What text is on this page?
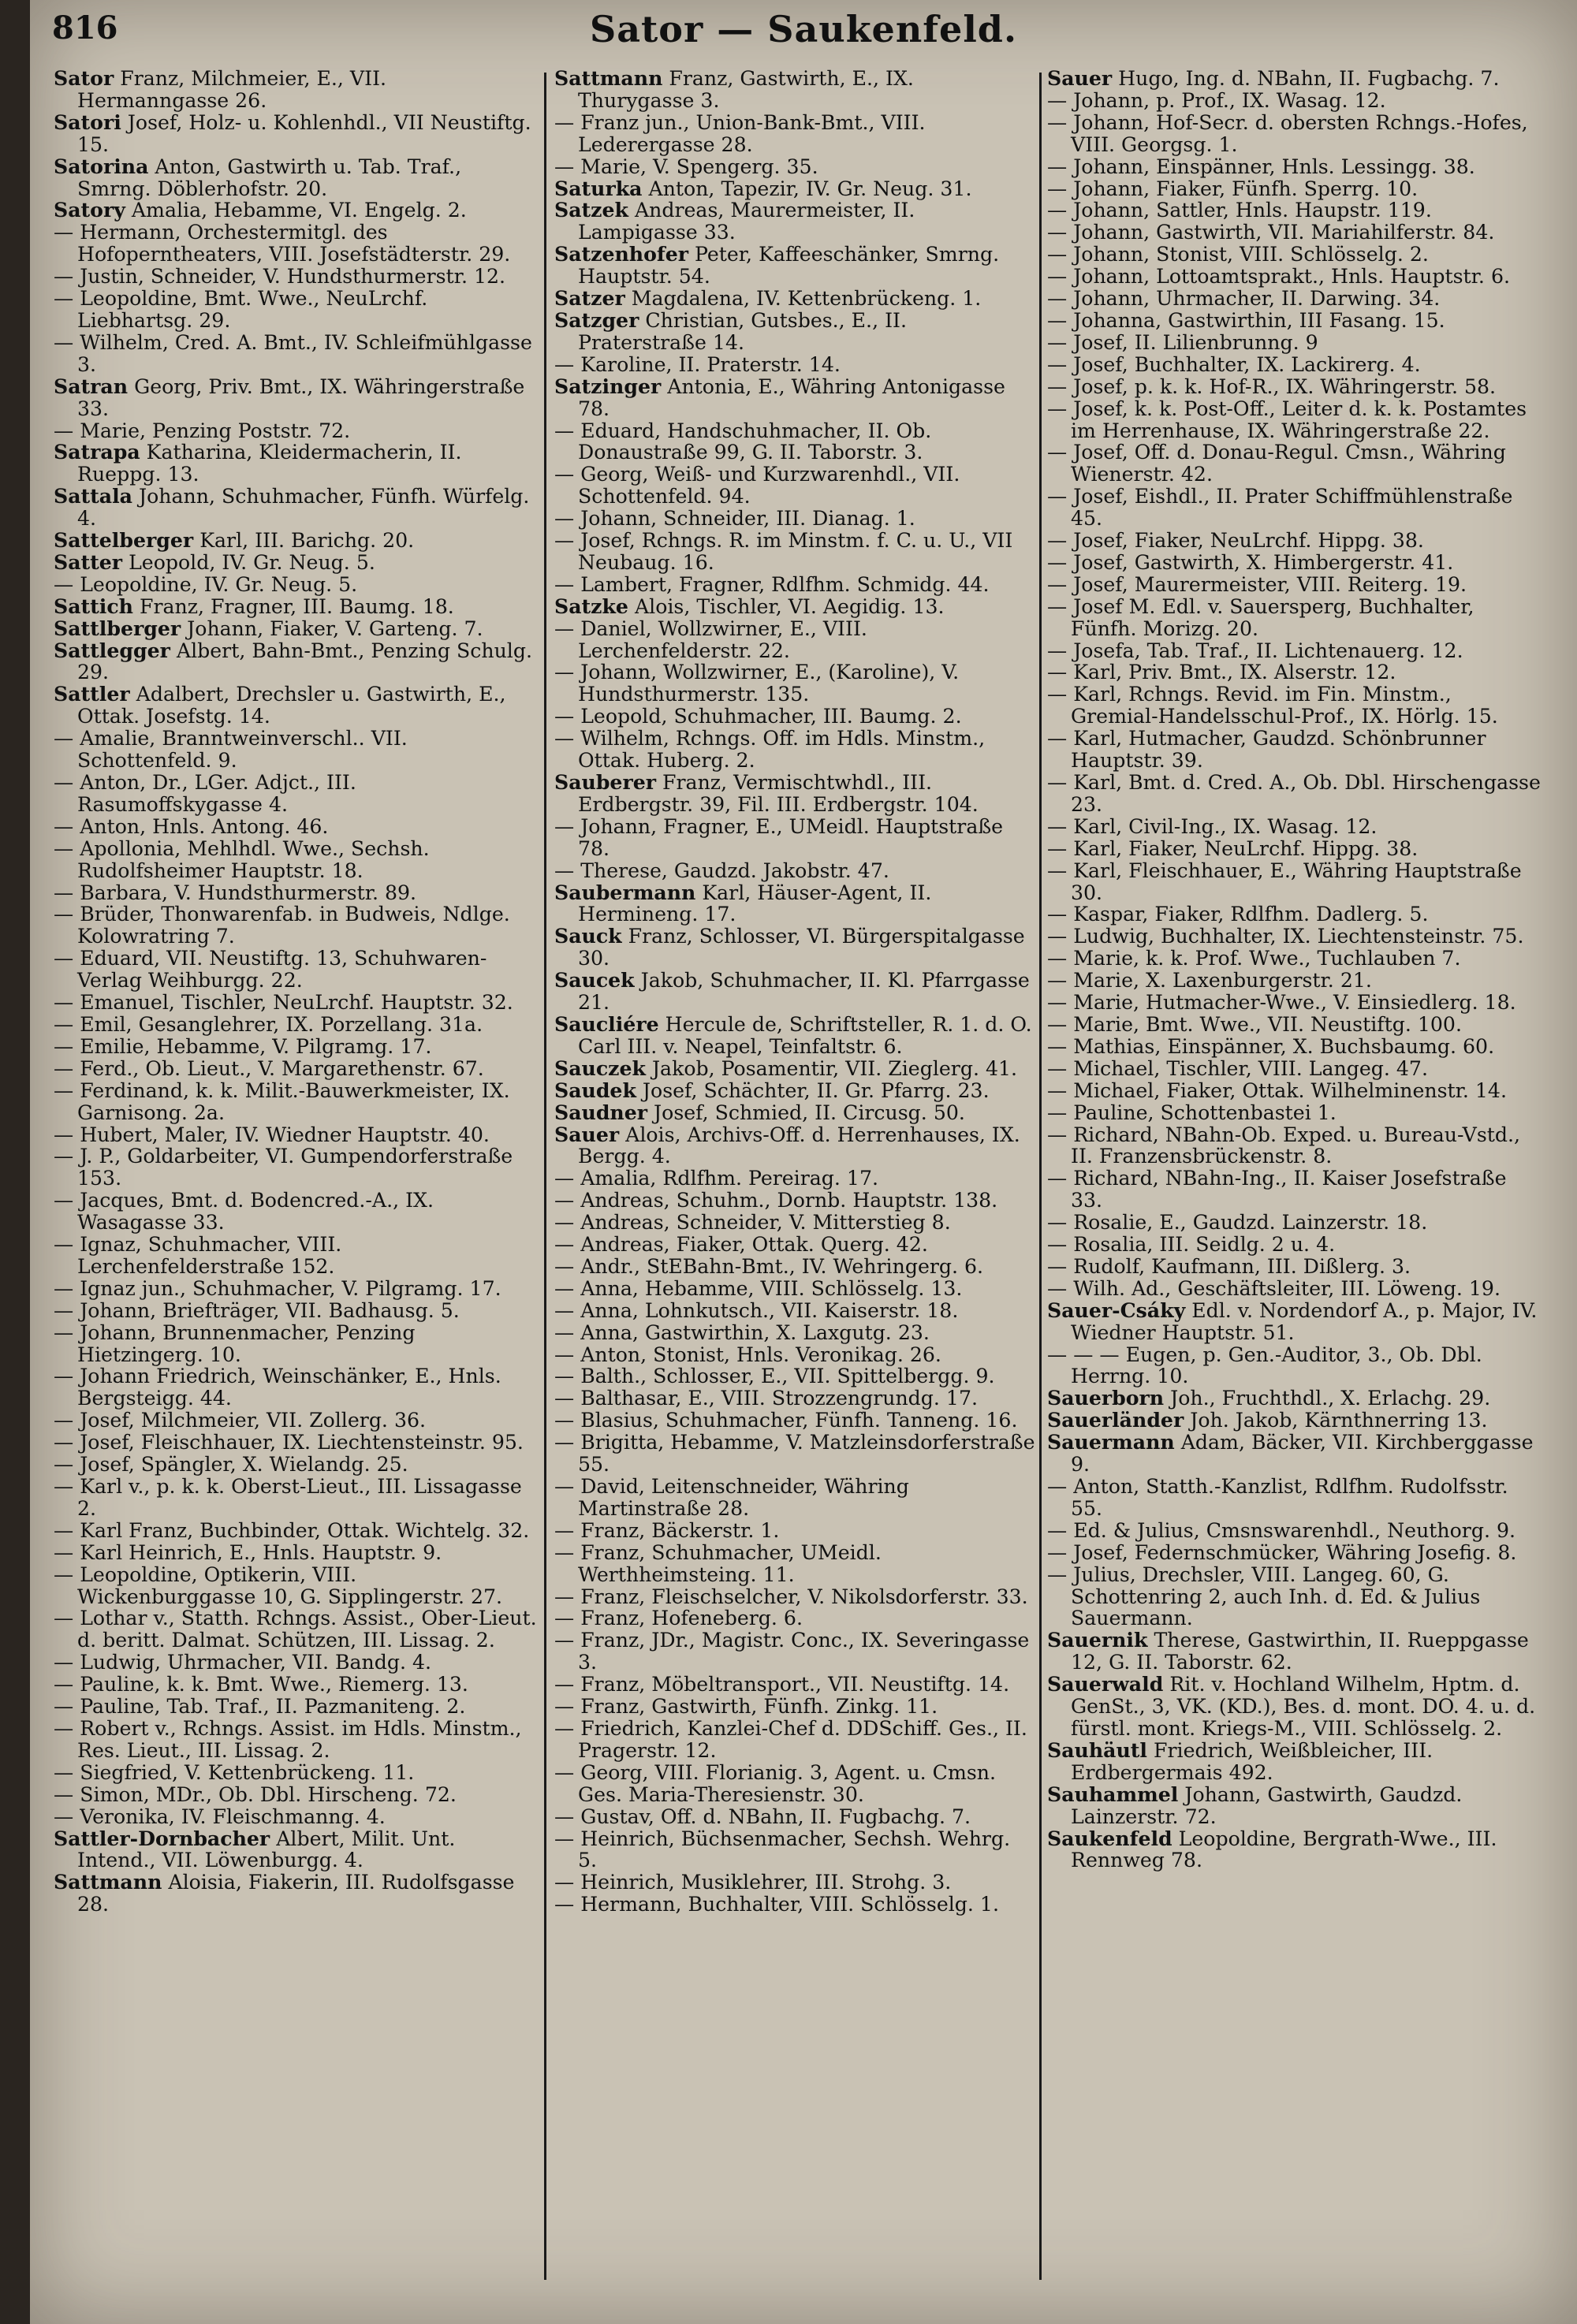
816	Sator — Saukenfeld.

Sator Franz, Milchmeier, E., VII. Hermanngasse 26.

Satori Josef, Holz- u. Kohlenhdl., VII Neustiftg. 15.

Satorina Anton, Gastwirth u. Tab. Traf., Smrng. Döblerhofstr. 20.

Satory Amalia, Hebamme, VI. Engelg. 2.

— Hermann, Orchestermitgl. des Hofoperntheaters, VIII. Josefstädterstr. 29.

— Justin, Schneider, V. Hundsthurmerstr. 12.

— Leopoldine, Bmt. Wwe., NeuLrchf. Liebhartsg. 29.

— Wilhelm, Cred. A. Bmt., IV. Schleifmühlgasse 3.

Satran Georg, Priv. Bmt., IX. Währingerstraße 33.

— Marie, Penzing Poststr. 72.

Satrapa Katharina, Kleidermacherin, II. Rueppg. 13.

Sattala Johann, Schuhmacher, Fünfh. Würfelg. 4.

Sattelberger Karl, III. Barichg. 20.

Satter Leopold, IV. Gr. Neug. 5.

— Leopoldine, IV. Gr. Neug. 5.

Sattich Franz, Fragner, III. Baumg. 18.

Sattlberger Johann, Fiaker, V. Garteng. 7.

Sattlegger Albert, Bahn-Bmt., Penzing Schulg. 29.

Sattler Adalbert, Drechsler u. Gastwirth, E., Ottak. Josefstg. 14.

— Amalie, Branntweinverschl.. VII. Schottenfeld. 9.

— Anton, Dr., LGer. Adjct., III. Rasumoffskygasse 4.

— Anton, Hnls. Antong. 46.

— Apollonia, Mehlhdl. Wwe., Sechsh. Rudolfsheimer Hauptstr. 18.

— Barbara, V. Hundsthurmerstr. 89.

— Brüder, Thonwarenfab. in Budweis, Ndlge. Kolowratring 7.

— Eduard, VII. Neustiftg. 13, Schuhwaren-Verlag Weihburgg. 22.

— Emanuel, Tischler, NeuLrchf. Hauptstr. 32.

— Emil, Gesanglehrer, IX. Porzellang. 31a.

— Emilie, Hebamme, V. Pilgramg. 17.

— Ferd., Ob. Lieut., V. Margarethenstr. 67.

— Ferdinand, k. k. Milit.-Bauwerkmeister, IX. Garnisong. 2a.

— Hubert, Maler, IV. Wiedner Hauptstr. 40.

— J. P., Goldarbeiter, VI. Gumpendorferstraße 153.

— Jacques, Bmt. d. Bodencred.-A., IX. Wasagasse 33.

— Ignaz, Schuhmacher, VIII. Lerchenfelderstraße 152.

— Ignaz jun., Schuhmacher, V. Pilgramg. 17.

— Johann, Briefträger, VII. Badhausg. 5.

— Johann, Brunnenmacher, Penzing Hietzingerg. 10.

— Johann Friedrich, Weinschänker, E., Hnls. Bergsteigg. 44.

— Josef, Milchmeier, VII. Zollerg. 36.

— Josef, Fleischhauer, IX. Liechtensteinstr. 95.

— Josef, Spängler, X. Wielandg. 25.

— Karl v., p. k. k. Oberst-Lieut., III. Lissagasse 2.

— Karl Franz, Buchbinder, Ottak. Wichtelg. 32.

— Karl Heinrich, E., Hnls. Hauptstr. 9.

— Leopoldine, Optikerin, VIII. Wickenburggasse 10, G. Sipplingerstr. 27.

— Lothar v., Statth. Rchngs. Assist., Ober-Lieut. d. beritt. Dalmat. Schützen, III. Lissag. 2.

— Ludwig, Uhrmacher, VII. Bandg. 4.

— Pauline, k. k. Bmt. Wwe., Riemerg. 13.

— Pauline, Tab. Traf., II. Pazmanitеng. 2.

— Robert v., Rchngs. Assist. im Hdls. Minstm., Res. Lieut., III. Lissag. 2.

— Siegfried, V. Kettenbrückeng. 11.

— Simon, MDr., Ob. Dbl. Hirscheng. 72.

— Veronika, IV. Fleischmanng. 4.

Sattler-Dornbacher Albert, Milit. Unt. Intend., VII. Löwenburgg. 4.

Sattmann Aloisia, Fiakerin, III. Rudolfsgasse 28.

Sattmann Franz, Gastwirth, E., IX. Thurygasse 3.

— Franz jun., Union-Bank-Bmt., VIII. Lederergasse 28.

— Marie, V. Spengerg. 35.

Saturka Anton, Tapezir, IV. Gr. Neug. 31.

Satzek Andreas, Maurermeister, II. Lampigasse 33.

Satzenhofer Peter, Kaffeeschänker, Smrng. Hauptstr. 54.

Satzer Magdalena, IV. Kettenbrückeng. 1.

Satzger Christian, Gutsbes., E., II. Praterstraße 14.

— Karoline, II. Praterstr. 14.

Satzinger Antonia, E., Währing Antonigasse 78.

— Eduard, Handschuhmacher, II. Ob. Donaustraße 99, G. II. Taborstr. 3.

— Georg, Weiß- und Kurzwarenhdl., VII. Schottenfeld. 94.

— Johann, Schneider, III. Dianag. 1.

— Josef, Rchngs. R. im Minstm. f. C. u. U., VII Neubaug. 16.

— Lambert, Fragner, Rdlfhm. Schmidg. 44.

Satzke Alois, Tischler, VI. Aegidig. 13.

— Daniel, Wollzwirner, E., VIII. Lerchenfelderstr. 22.

— Johann, Wollzwirner, E., (Karoline), V. Hundsthurmerstr. 135.

— Leopold, Schuhmacher, III. Baumg. 2.

— Wilhelm, Rchngs. Off. im Hdls. Minstm., Ottak. Huberg. 2.

Sauberer Franz, Vermischtwhdl., III. Erdbergstr. 39, Fil. III. Erdbergstr. 104.

— Johann, Fragner, E., UMeidl. Hauptstraße 78.

— Therese, Gaudzd. Jakobstr. 47.

Saubermann Karl, Häuser-Agent, II. Hermineng. 17.

Sauck Franz, Schlosser, VI. Bürgerspitalgasse 30.

Saucek Jakob, Schuhmacher, II. Kl. Pfarrgasse 21.

Saucliére Hercule de, Schriftsteller, R. 1. d. O. Carl III. v. Neapel, Teinfaltstr. 6.

Sauczek Jakob, Posamentir, VII. Zieglerg. 41.

Saudek Josef, Schächter, II. Gr. Pfarrg. 23.

Saudner Josef, Schmied, II. Circusg. 50.

Sauer Alois, Archivs-Off. d. Herrenhauses, IX. Bergg. 4.

— Amalia, Rdlfhm. Pereirag. 17.

— Andreas, Schuhm., Dornb. Hauptstr. 138.

— Andreas, Schneider, V. Mitterstieg 8.

— Andreas, Fiaker, Ottak. Querg. 42.

— Andr., StEBahn-Bmt., IV. Wehringerg. 6.

— Anna, Hebamme, VIII. Schlösselg. 13.

— Anna, Lohnkutsch., VII. Kaiserstr. 18.

— Anna, Gastwirthin, X. Laxgutg. 23.

— Anton, Stonist, Hnls. Veronikag. 26.

— Balth., Schlosser, E., VII. Spittelbergg. 9.

— Balthasar, E., VIII. Strozzengrundg. 17.

— Blasius, Schuhmacher, Fünfh. Tanneng. 16.

— Brigitta, Hebamme, V. Matzleinsdorferstraße 55.

— David, Leitenschneider, Währing Martinstraße 28.

— Franz, Bäckerstr. 1.

— Franz, Schuhmacher, UMeidl. Werthheimsteing. 11.

— Franz, Fleischselcher, V. Nikolsdorferstr. 33.

— Franz, Hofeneberg. 6.

— Franz, JDr., Magistr. Conc., IX. Severingasse 3.

— Franz, Möbeltransport., VII. Neustiftg. 14.

— Franz, Gastwirth, Fünfh. Zinkg. 11.

— Friedrich, Kanzlei-Chef d. DDSchiff. Ges., II. Pragerstr. 12.

— Georg, VIII. Florianig. 3, Agent. u. Cmsn. Ges. Maria-Theresienstr. 30.

— Gustav, Off. d. NBahn, II. Fugbachg. 7.

— Heinrich, Büchsenmacher, Sechsh. Wehrg. 5.

— Heinrich, Musiklehrer, III. Strohg. 3.

— Hermann, Buchhalter, VIII. Schlösselg. 1.

Sauer Hugo, Ing. d. NBahn, II. Fugbachg. 7.

— Johann, p. Prof., IX. Wasag. 12.

— Johann, Hof-Secr. d. obersten Rchngs.-Hofes, VIII. Georgsg. 1.

— Johann, Einspänner, Hnls. Lessingg. 38.

— Johann, Fiaker, Fünfh. Sperrg. 10.

— Johann, Sattler, Hnls. Haupstr. 119.

— Johann, Gastwirth, VII. Mariahilferstr. 84.

— Johann, Stonist, VIII. Schlösselg. 2.

— Johann, Lottoamtsprakt., Hnls. Hauptstr. 6.

— Johann, Uhrmacher, II. Darwing. 34.

— Johanna, Gastwirthin, III Fasang. 15.

— Josef, II. Lilienbrunng. 9

— Josef, Buchhalter, IX. Lackirerg. 4.

— Josef, p. k. k. Hof-R., IX. Währingerstr. 58.

— Josef, k. k. Post-Off., Leiter d. k. k. Postamtes im Herrenhause, IX. Währingerstraße 22.

— Josef, Off. d. Donau-Regul. Cmsn., Währing Wienerstr. 42.

— Josef, Eishdl., II. Prater Schiffmühlenstraße 45.

— Josef, Fiaker, NeuLrchf. Hippg. 38.

— Josef, Gastwirth, X. Himbergerstr. 41.

— Josef, Maurermeister, VIII. Reiterg. 19.

— Josef M. Edl. v. Sauersperg, Buchhalter, Fünfh. Morizg. 20.

— Josefa, Tab. Traf., II. Lichtenauerg. 12.

— Karl, Priv. Bmt., IX. Alserstr. 12.

— Karl, Rchngs. Revid. im Fin. Minstm., Gremial-Handelsschul-Prof., IX. Hörlg. 15.

— Karl, Hutmacher, Gaudzd. Schönbrunner Hauptstr. 39.

— Karl, Bmt. d. Cred. A., Ob. Dbl. Hirschengasse 23.

— Karl, Civil-Ing., IX. Wasag. 12.

— Karl, Fiaker, NeuLrchf. Hippg. 38.

— Karl, Fleischhauer, E., Währing Hauptstraße 30.

— Kaspar, Fiaker, Rdlfhm. Dadlerg. 5.

— Ludwig, Buchhalter, IX. Liechtensteinstr. 75.

— Marie, k. k. Prof. Wwe., Tuchlauben 7.

— Marie, X. Laxenburgerstr. 21.

— Marie, Hutmacher-Wwe., V. Einsiedlerg. 18.

— Marie, Bmt. Wwe., VII. Neustiftg. 100.

— Mathias, Einspänner, X. Buchsbaumg. 60.

— Michael, Tischler, VIII. Langeg. 47.

— Michael, Fiaker, Ottak. Wilhelminenstr. 14.

— Pauline, Schottenbastei 1.

— Richard, NBahn-Ob. Exped. u. Bureau-Vstd., II. Franzensbrückenstr. 8.

— Richard, NBahn-Ing., II. Kaiser Josefstraße 33.

— Rosalie, E., Gaudzd. Lainzerstr. 18.

— Rosalia, III. Seidlg. 2 u. 4.

— Rudolf, Kaufmann, III. Dißlerg. 3.

— Wilh. Ad., Geschäftsleiter, III. Löweng. 19.

Sauer-Csáky Edl. v. Nordendorf A., p. Major, IV. Wiedner Hauptstr. 51.

— — — Eugen, p. Gen.-Auditor, 3., Ob. Dbl. Herrng. 10.

Sauerborn Joh., Fruchthdl., X. Erlachg. 29.

Sauerländer Joh. Jakob, Kärnthnerring 13.

Sauermann Adam, Bäcker, VII. Kirchberggasse 9.

— Anton, Statth.-Kanzlist, Rdlfhm. Rudolfsstr. 55.

— Ed. & Julius, Cmsnswarenhdl., Neuthorg. 9.

— Josef, Federnschmücker, Währing Josefig. 8.

— Julius, Drechsler, VIII. Langeg. 60, G. Schottenring 2, auch Inh. d. Ed. & Julius Sauermann.

Sauernik Therese, Gastwirthin, II. Rueppgasse 12, G. II. Taborstr. 62.

Sauerwald Rit. v. Hochland Wilhelm, Hptm. d. GenSt., 3, VK. (KD.), Bes. d. mont. DO. 4. u. d. fürstl. mont. Kriegs-M., VIII. Schlösselg. 2.

Sauhäutl Friedrich, Weißbleicher, III. Erdbergermais 492.

Sauhammel Johann, Gastwirth, Gaudzd. Lainzerstr. 72.

Saukenfeld Leopoldine, Bergrath-Wwe., III. Rennweg 78.
